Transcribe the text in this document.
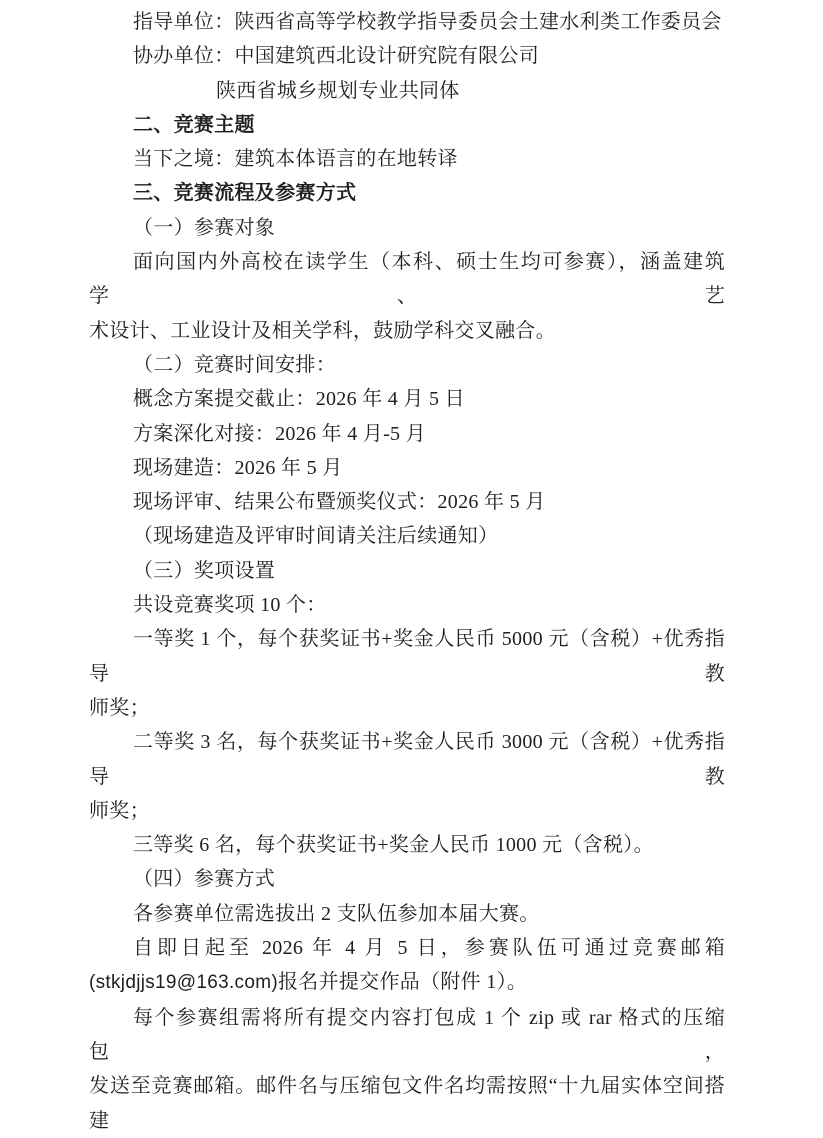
指导单位：陕西省高等学校教学指导委员会土建水利类工作委员会

协办单位：中国建筑西北设计研究院有限公司

陕西省城乡规划专业共同体

二、竞赛主题

当下之境：建筑本体语言的在地转译

三、竞赛流程及参赛方式

（一）参赛对象

面向国内外高校在读学生（本科、硕士生均可参赛），涵盖建筑学、艺

术设计、工业设计及相关学科，鼓励学科交叉融合。

（二）竞赛时间安排：

概念方案提交截止：2026 年 4 月 5 日

方案深化对接：2026 年 4 月-5 月

现场建造：2026 年 5 月

现场评审、结果公布暨颁奖仪式：2026 年 5 月

（现场建造及评审时间请关注后续通知）

（三）奖项设置

共设竞赛奖项 10 个：

一等奖 1 个，每个获奖证书+奖金人民币 5000 元（含税）+优秀指导教

师奖；

二等奖 3 名，每个获奖证书+奖金人民币 3000 元（含税）+优秀指导教

师奖；

三等奖 6 名，每个获奖证书+奖金人民币 1000 元（含税）。

（四）参赛方式

各参赛单位需选拔出 2 支队伍参加本届大赛。

自即日起至 2026 年 4 月 5 日，参赛队伍可通过竞赛邮箱

(stkjdjjs19@163.com)报名并提交作品（附件 1）。

每个参赛组需将所有提交内容打包成 1 个 zip 或 rar 格式的压缩包，

发送至竞赛邮箱。邮件名与压缩包文件名均需按照“十九届实体空间搭建
